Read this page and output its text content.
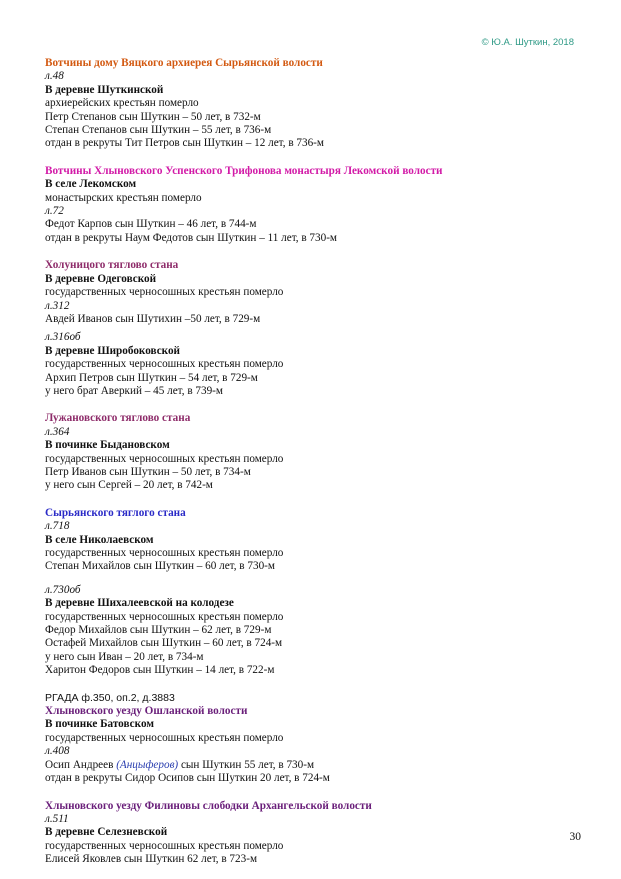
© Ю.А. Шуткин, 2018
Вотчины дому Вяцкого архиерея Сырьянской волости
л.48
В деревне Шуткинской
архиерейских крестьян померло
Петр Степанов сын Шуткин – 50 лет, в 732-м
Степан Степанов сын Шуткин – 55 лет, в 736-м
отдан в рекруты Тит Петров сын Шуткин – 12 лет, в 736-м
Вотчины Хлыновского Успенского Трифонова монастыря Лекомской волости
В селе Лекомском
монастырских крестьян померло
л.72
Федот Карпов сын Шуткин – 46 лет, в 744-м
отдан в рекруты Наум Федотов сын Шуткин – 11 лет, в 730-м
Холуницого тяглово стана
В деревне Одеговской
государственных черносошных крестьян померло
л.312
Авдей Иванов сын Шутихин –50 лет, в 729-м
л.316об
В деревне Широбоковской
государственных черносошных крестьян померло
Архип Петров сын Шуткин – 54 лет, в 729-м
у него брат Аверкий – 45 лет, в 739-м
Лужановского тяглово стана
л.364
В починке Быдановском
государственных черносошных крестьян померло
Петр Иванов сын Шуткин – 50 лет, в 734-м
у него сын Сергей – 20 лет, в 742-м
Сырьянского тяглого стана
л.718
В селе Николаевском
государственных черносошных крестьян померло
Степан Михайлов сын Шуткин – 60 лет, в 730-м
л.730об
В деревне Шихалеевской на колодезе
государственных черносошных крестьян померло
Федор Михайлов сын Шуткин – 62 лет, в 729-м
Остафей Михайлов сын Шуткин – 60 лет, в 724-м
у него сын Иван – 20 лет, в 734-м
Харитон Федоров сын Шуткин – 14 лет, в 722-м
РГАДА ф.350, оп.2, д.3883
Хлыновского уезду Ошланской волости
В починке Батовском
государственных черносошных крестьян померло
л.408
Осип Андреев (Анцыферов) сын Шуткин 55 лет, в 730-м
отдан в рекруты Сидор Осипов сын Шуткин 20 лет, в 724-м
Хлыновского уезду Филиновы слободки Архангельской волости
л.511
В деревне Селезневской
государственных черносошных крестьян померло
Елисей Яковлев сын Шуткин 62 лет, в 723-м
30
